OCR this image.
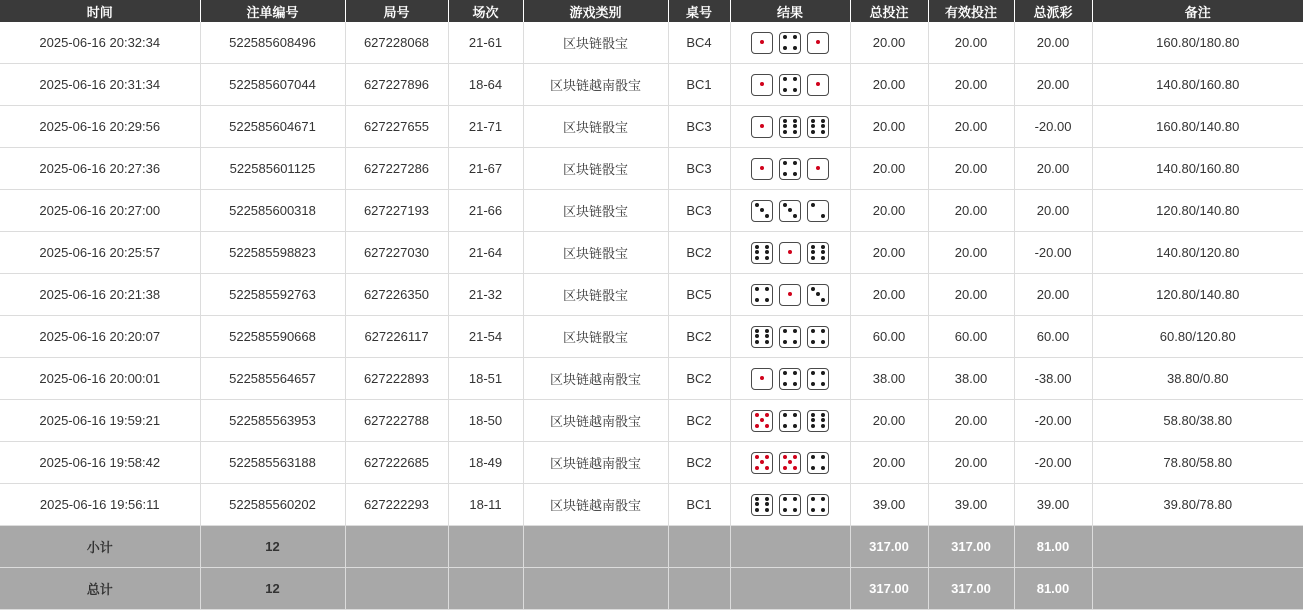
时间	注单编号	局号	场次	游戏类别	桌号	结果	总投注	有效投注	总派彩	备注
2025-06-16 20:32:34	522585608496	627228068	21-61	区块链骰宝	BC4		20.00	20.00	20.00	160.80/180.80
2025-06-16 20:31:34	522585607044	627227896	18-64	区块链越南骰宝	BC1		20.00	20.00	20.00	140.80/160.80
2025-06-16 20:29:56	522585604671	627227655	21-71	区块链骰宝	BC3		20.00	20.00	-20.00	160.80/140.80
2025-06-16 20:27:36	522585601125	627227286	21-67	区块链骰宝	BC3		20.00	20.00	20.00	140.80/160.80
2025-06-16 20:27:00	522585600318	627227193	21-66	区块链骰宝	BC3		20.00	20.00	20.00	120.80/140.80
2025-06-16 20:25:57	522585598823	627227030	21-64	区块链骰宝	BC2		20.00	20.00	-20.00	140.80/120.80
2025-06-16 20:21:38	522585592763	627226350	21-32	区块链骰宝	BC5		20.00	20.00	20.00	120.80/140.80
2025-06-16 20:20:07	522585590668	627226117	21-54	区块链骰宝	BC2		60.00	60.00	60.00	60.80/120.80
2025-06-16 20:00:01	522585564657	627222893	18-51	区块链越南骰宝	BC2		38.00	38.00	-38.00	38.80/0.80
2025-06-16 19:59:21	522585563953	627222788	18-50	区块链越南骰宝	BC2		20.00	20.00	-20.00	58.80/38.80
2025-06-16 19:58:42	522585563188	627222685	18-49	区块链越南骰宝	BC2		20.00	20.00	-20.00	78.80/58.80
2025-06-16 19:56:11	522585560202	627222293	18-11	区块链越南骰宝	BC1		39.00	39.00	39.00	39.80/78.80
小计	12						317.00	317.00	81.00	
总计	12						317.00	317.00	81.00	
